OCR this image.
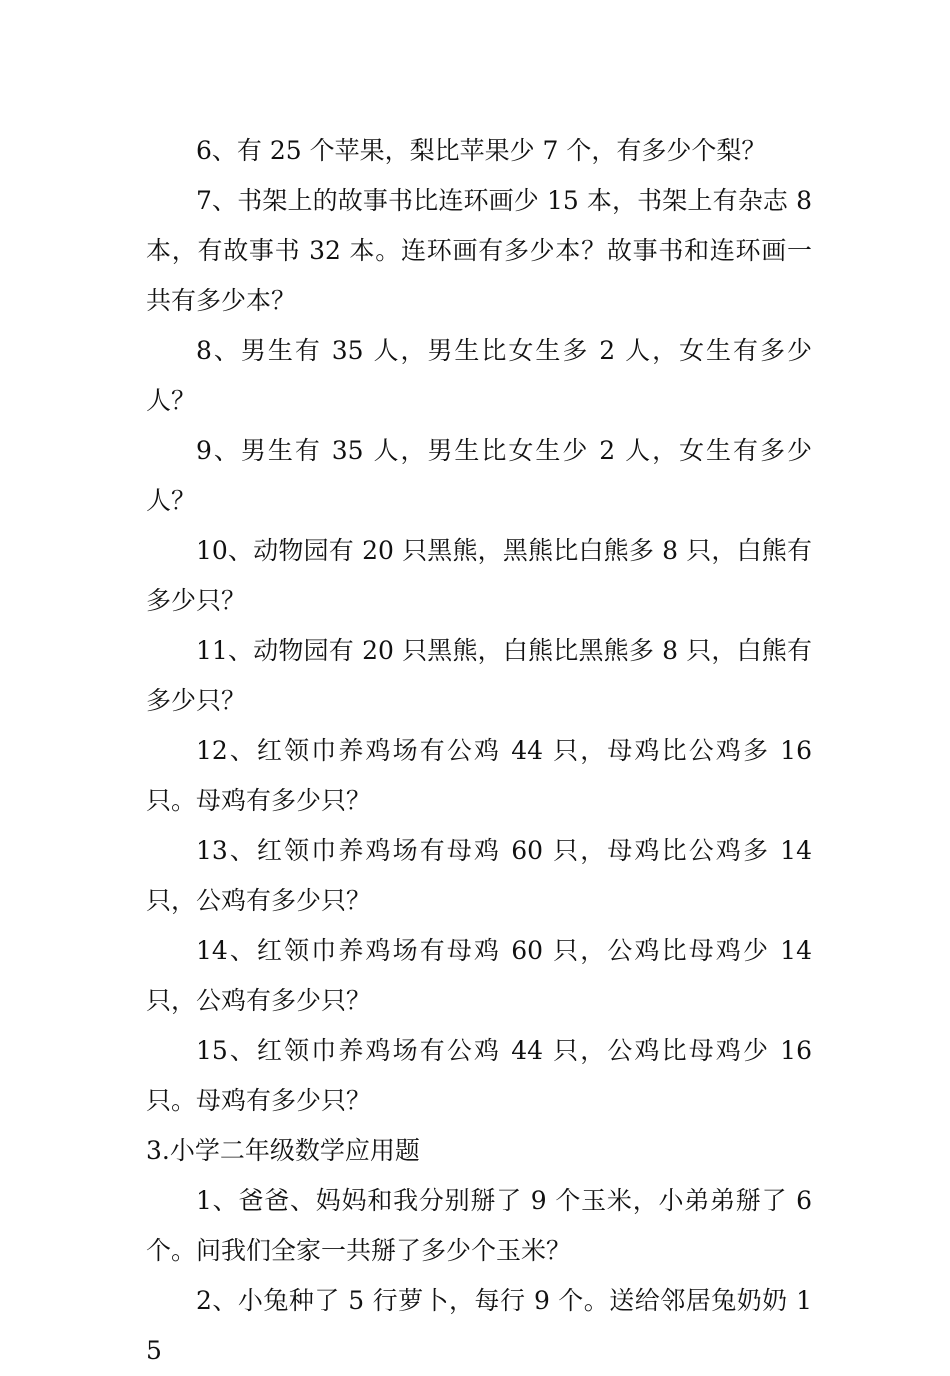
6、有 25 个苹果，梨比苹果少 7 个，有多少个梨？

7、书架上的故事书比连环画少 15 本，书架上有杂志 8 本，有故事书 32 本。连环画有多少本？故事书和连环画一共有多少本？

8、男生有 35 人，男生比女生多 2 人，女生有多少人？

9、男生有 35 人，男生比女生少 2 人，女生有多少人？

10、动物园有 20 只黑熊，黑熊比白熊多 8 只，白熊有多少只？

11、动物园有 20 只黑熊，白熊比黑熊多 8 只，白熊有多少只？

12、红领巾养鸡场有公鸡 44 只，母鸡比公鸡多 16 只。母鸡有多少只？

13、红领巾养鸡场有母鸡 60 只，母鸡比公鸡多 14 只，公鸡有多少只？

14、红领巾养鸡场有母鸡 60 只，公鸡比母鸡少 14 只，公鸡有多少只？

15、红领巾养鸡场有公鸡 44 只，公鸡比母鸡少 16 只。母鸡有多少只？

3.小学二年级数学应用题

1、爸爸、妈妈和我分别掰了 9 个玉米，小弟弟掰了 6 个。问我们全家一共掰了多少个玉米？

2、小兔种了 5 行萝卜，每行 9 个。送给邻居兔奶奶 15
